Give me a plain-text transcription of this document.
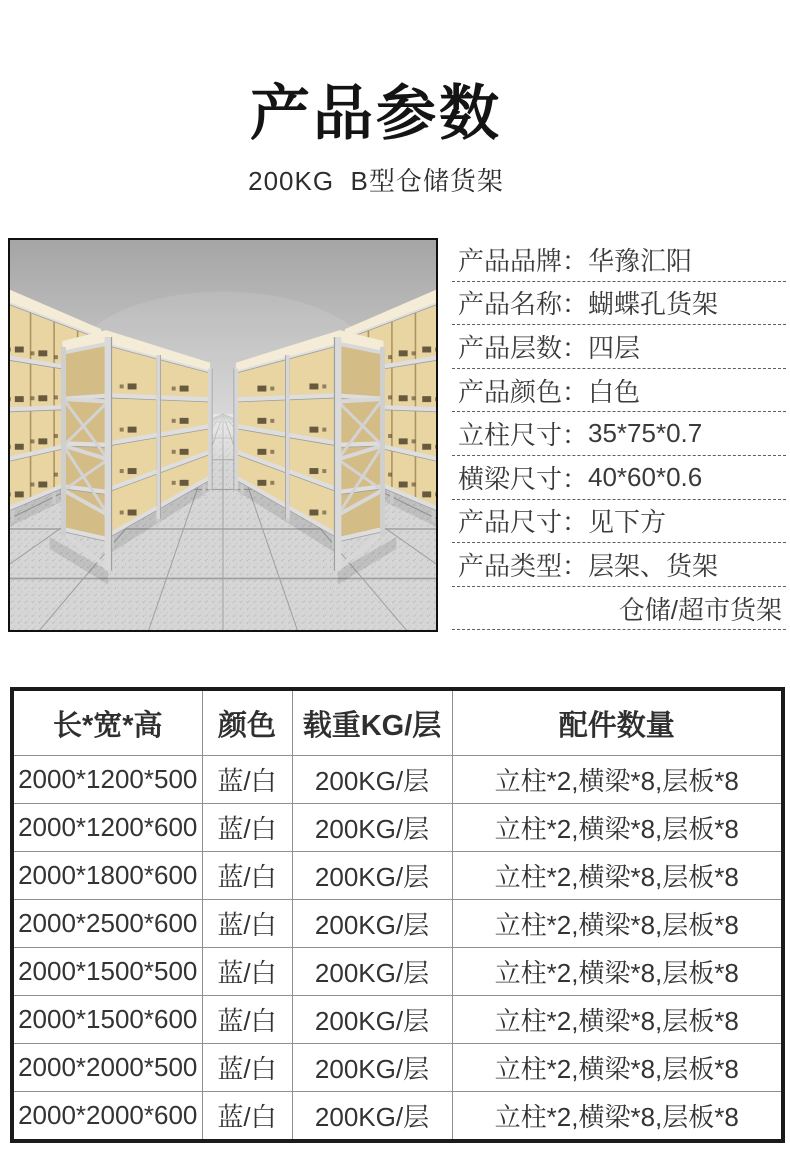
产品参数
200KG  B型仓储货架
产品品牌： 华豫汇阳
产品名称： 蝴蝶孔货架
产品层数： 四层
产品颜色： 白色
立柱尺寸： 35*75*0.7
横梁尺寸： 40*60*0.6
产品尺寸： 见下方
产品类型： 层架、货架
仓储/超市货架
长*宽*高	颜色	载重KG/层	配件数量
2000*1200*500	蓝/白	200KG/层	立柱*2,横梁*8,层板*8
2000*1200*600	蓝/白	200KG/层	立柱*2,横梁*8,层板*8
2000*1800*600	蓝/白	200KG/层	立柱*2,横梁*8,层板*8
2000*2500*600	蓝/白	200KG/层	立柱*2,横梁*8,层板*8
2000*1500*500	蓝/白	200KG/层	立柱*2,横梁*8,层板*8
2000*1500*600	蓝/白	200KG/层	立柱*2,横梁*8,层板*8
2000*2000*500	蓝/白	200KG/层	立柱*2,横梁*8,层板*8
2000*2000*600	蓝/白	200KG/层	立柱*2,横梁*8,层板*8
